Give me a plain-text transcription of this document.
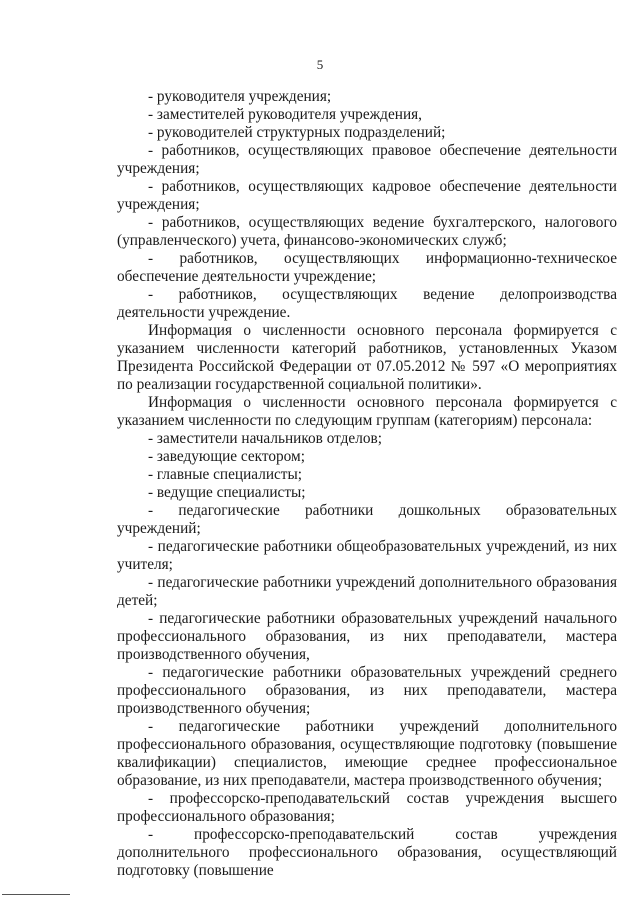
5

- руководителя учреждения;

- заместителей руководителя учреждения,

- руководителей структурных подразделений;

- работников, осуществляющих правовое обеспечение деятельности учреждения;

- работников, осуществляющих кадровое обеспечение деятельности учреждения;

- работников, осуществляющих ведение бухгалтерского, налогового (управленческого) учета, финансово-экономических служб;

- работников, осуществляющих информационно-техническое обеспечение деятельности учреждение;

- работников, осуществляющих ведение делопроизводства деятельности учреждение.

Информация о численности основного персонала формируется с указанием численности категорий работников, установленных Указом Президента Российской Федерации от 07.05.2012 № 597 «О мероприятиях по реализации государственной социальной политики».

Информация о численности основного персонала формируется с указанием численности по следующим группам (категориям) персонала:

- заместители начальников отделов;

- заведующие сектором;

- главные специалисты;

- ведущие специалисты;

- педагогические работники дошкольных образовательных учреждений;

- педагогические работники общеобразовательных учреждений, из них учителя;

- педагогические работники учреждений дополнительного образования детей;

- педагогические работники образовательных учреждений начального профессионального образования, из них преподаватели, мастера производственного обучения,

- педагогические работники образовательных учреждений среднего профессионального образования, из них преподаватели, мастера производственного обучения;

- педагогические работники учреждений дополнительного профессионального образования, осуществляющие подготовку (повышение квалификации) специалистов, имеющие среднее профессиональное образование, из них преподаватели, мастера производственного обучения;

- профессорско-преподавательский состав учреждения высшего профессионального образования;

- профессорско-преподавательский состав учреждения дополнительного профессионального образования, осуществляющий подготовку (повышение
